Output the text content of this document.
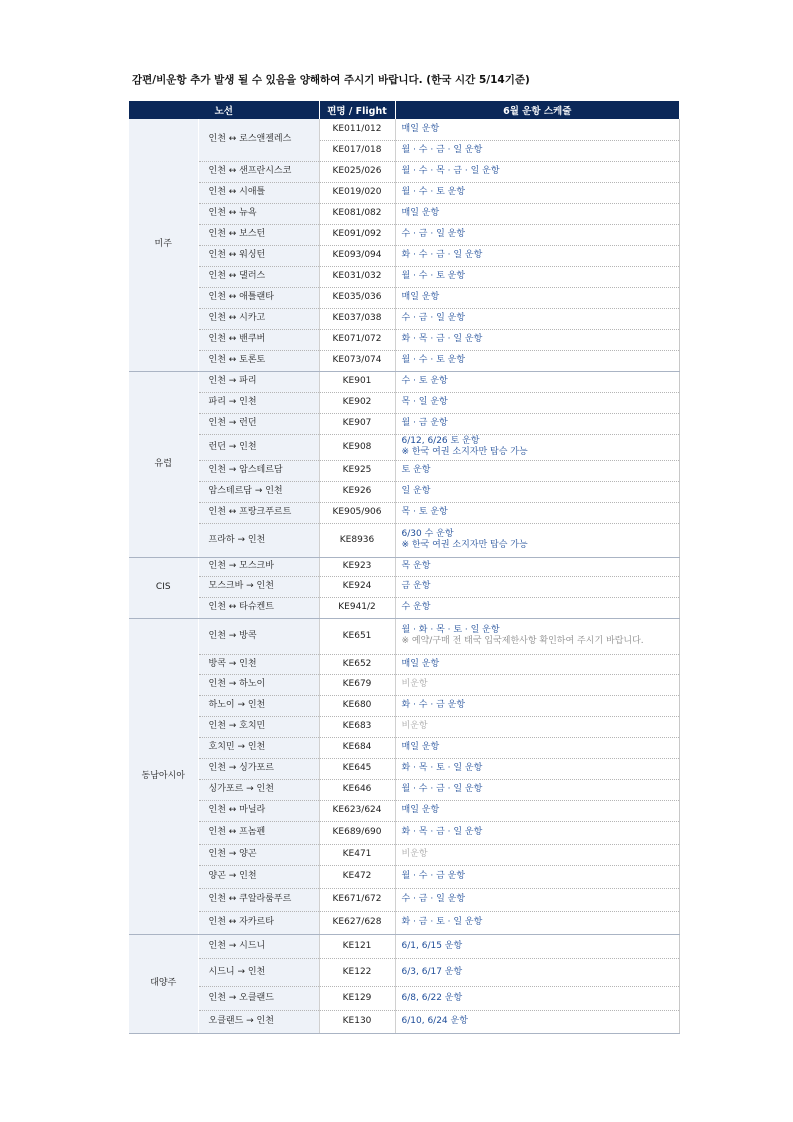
감편/비운항 추가 발생 될 수 있음을 양해하여 주시기 바랍니다. (한국 시간 5/14기준)
노선		편명 / Flight	6월 운항 스케줄
미주	인천 ↔ 로스앤젤레스	KE011/012	매일 운항

		KE017/018	월 · 수 · 금 · 일 운항

	인천 ↔ 샌프란시스코	KE025/026	월 · 수 · 목 · 금 · 일 운항

	인천 ↔ 시애틀	KE019/020	월 · 수 · 토 운항

	인천 ↔ 뉴욕	KE081/082	매일 운항

	인천 ↔ 보스턴	KE091/092	수 · 금 · 일 운항

	인천 ↔ 워싱턴	KE093/094	화 · 수 · 금 · 일 운항

	인천 ↔ 댈러스	KE031/032	월 · 수 · 토 운항

	인천 ↔ 애틀랜타	KE035/036	매일 운항

	인천 ↔ 시카고	KE037/038	수 · 금 · 일 운항

	인천 ↔ 밴쿠버	KE071/072	화 · 목 · 금 · 일 운항

	인천 ↔ 토론토	KE073/074	월 · 수 · 토 운항

유럽	인천 → 파리	KE901	수 · 토 운항

	파리 → 인천	KE902	목 · 일 운항

	인천 → 런던	KE907	월 · 금 운항

	런던 → 인천	KE908	6/12, 6/26 토 운항
※ 한국 여권 소지자만 탑승 가능

	인천 → 암스테르담	KE925	토 운항

	암스테르담 → 인천	KE926	일 운항

	인천 ↔ 프랑크푸르트	KE905/906	목 · 토 운항

	프라하 → 인천	KE8936	6/30 수 운항
※ 한국 여권 소지자만 탑승 가능

CIS	인천 → 모스크바	KE923	목 운항

	모스크바 → 인천	KE924	금 운항

	인천 ↔ 타슈켄트	KE941/2	수 운항

동남아시아	인천 → 방콕	KE651	월 · 화 · 목 · 토 · 일 운항
※ 예약/구매 전 태국 입국제한사항 확인하여 주시기 바랍니다.

	방콕 → 인천	KE652	매일 운항

	인천 → 하노이	KE679	비운항

	하노이 → 인천	KE680	화 · 수 · 금 운항

	인천 → 호치민	KE683	비운항

	호치민 → 인천	KE684	매일 운항

	인천 → 싱가포르	KE645	화 · 목 · 토 · 일 운항

	싱가포르 → 인천	KE646	월 · 수 · 금 · 일 운항

	인천 ↔ 마닐라	KE623/624	매일 운항

	인천 ↔ 프놈펜	KE689/690	화 · 목 · 금 · 일 운항

	인천 → 양곤	KE471	비운항

	양곤 → 인천	KE472	월 · 수 · 금 운항

	인천 ↔ 쿠알라룸푸르	KE671/672	수 · 금 · 일 운항

	인천 ↔ 자카르타	KE627/628	화 · 금 · 토 · 일 운항

대양주	인천 → 시드니	KE121	6/1, 6/15 운항

	시드니 → 인천	KE122	6/3, 6/17 운항

	인천 → 오클랜드	KE129	6/8, 6/22 운항

	오클랜드 → 인천	KE130	6/10, 6/24 운항
